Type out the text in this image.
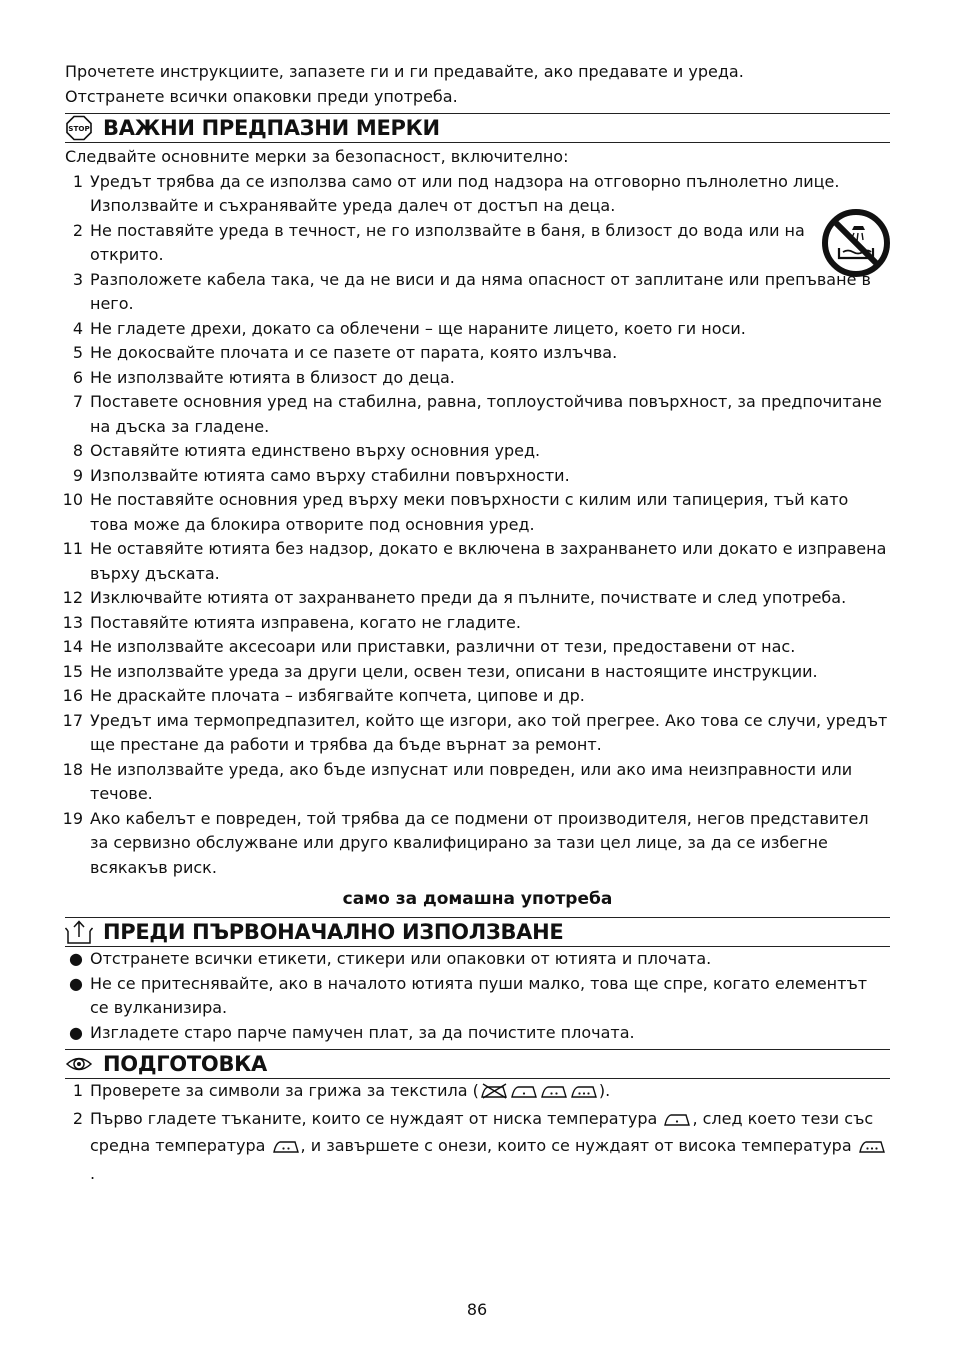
Прочетете инструкциите, запазете ги и ги предавайте, ако предавате и уреда.
Отстранете всички опаковки преди употреба.
STOP ВАЖНИ ПРЕДПАЗНИ МЕРКИ
Следвайте основните мерки за безопасност, включително:
1 Уредът трябва да се използва само от или под надзора на отговорно пълнолетно лице. Използвайте и съхранявайте уреда далеч от достъп на деца.
2 Не поставяйте уреда в течност, не го използвайте в баня, в близост до вода или на открито.
3 Разположете кабела така, че да не виси и да няма опасност от заплитане или препъване в него.
4 Не гладете дрехи, докато са облечени – ще нараните лицето, което ги носи.
5 Не докосвайте плочата и се пазете от парата, която излъчва.
6 Не използвайте ютията в близост до деца.
7 Поставете основния уред на стабилна, равна, топлоустойчива повърхност, за предпочитане на дъска за гладене.
8 Оставяйте ютията единствено върху основния уред.
9 Използвайте ютията само върху стабилни повърхности.
10 Не поставяйте основния уред върху меки повърхности с килим или тапицерия, тъй като това може да блокира отворите под основния уред.
11 Не оставяйте ютията без надзор, докато е включена в захранването или докато е изправена върху дъската.
12 Изключвайте ютията от захранването преди да я пълните, почиствате и след употреба.
13 Поставяйте ютията изправена, когато не гладите.
14 Не използвайте аксесоари или приставки, различни от тези, предоставени от нас.
15 Не използвайте уреда за други цели, освен тези, описани в настоящите инструкции.
16 Не драскайте плочата – избягвайте копчета, ципове и др.
17 Уредът има термопредпазител, който ще изгори, ако той прегрее. Ако това се случи, уредът ще престане да работи и трябва да бъде върнат за ремонт.
18 Не използвайте уреда, ако бъде изпуснат или повреден, или ако има неизправности или течове.
19 Ако кабелът е повреден, той трябва да се подмени от производителя, негов представител за сервизно обслужване или друго квалифицирано за тази цел лице, за да се избегне всякакъв риск.
само за домашна употреба
ПРЕДИ ПЪРВОНАЧАЛНО ИЗПОЛЗВАНЕ
● Отстранете всички етикети, стикери или опаковки от ютията и плочата.
● Не се притеснявайте, ако в началото ютията пуши малко, това ще спре, когато елементът се вулканизира.
● Изгладете старо парче памучен плат, за да почистите плочата.
ПОДГОТОВКА
1 Проверете за символи за грижа за текстила (	).
2 Първо гладете тъканите, които се нуждаят от ниска температура , след което тези със средна температура , и завършете с онези, които се нуждаят от висока температура .
86
